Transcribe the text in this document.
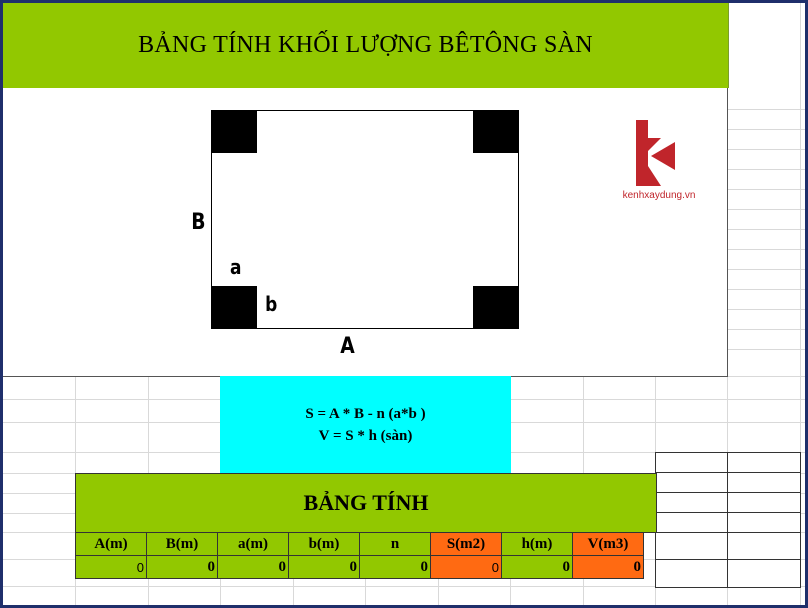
BẢNG TÍNH KHỐI LƯỢNG BÊTÔNG SÀN
B
a
b
A
kenhxaydung.vn
S = A * B - n (a*b )
V = S * h (sàn)
BẢNG TÍNH
A(m)	B(m)	a(m)	b(m)	n	S(m2)	h(m)	V(m3)
0	0	0	0	0	0	0	0
